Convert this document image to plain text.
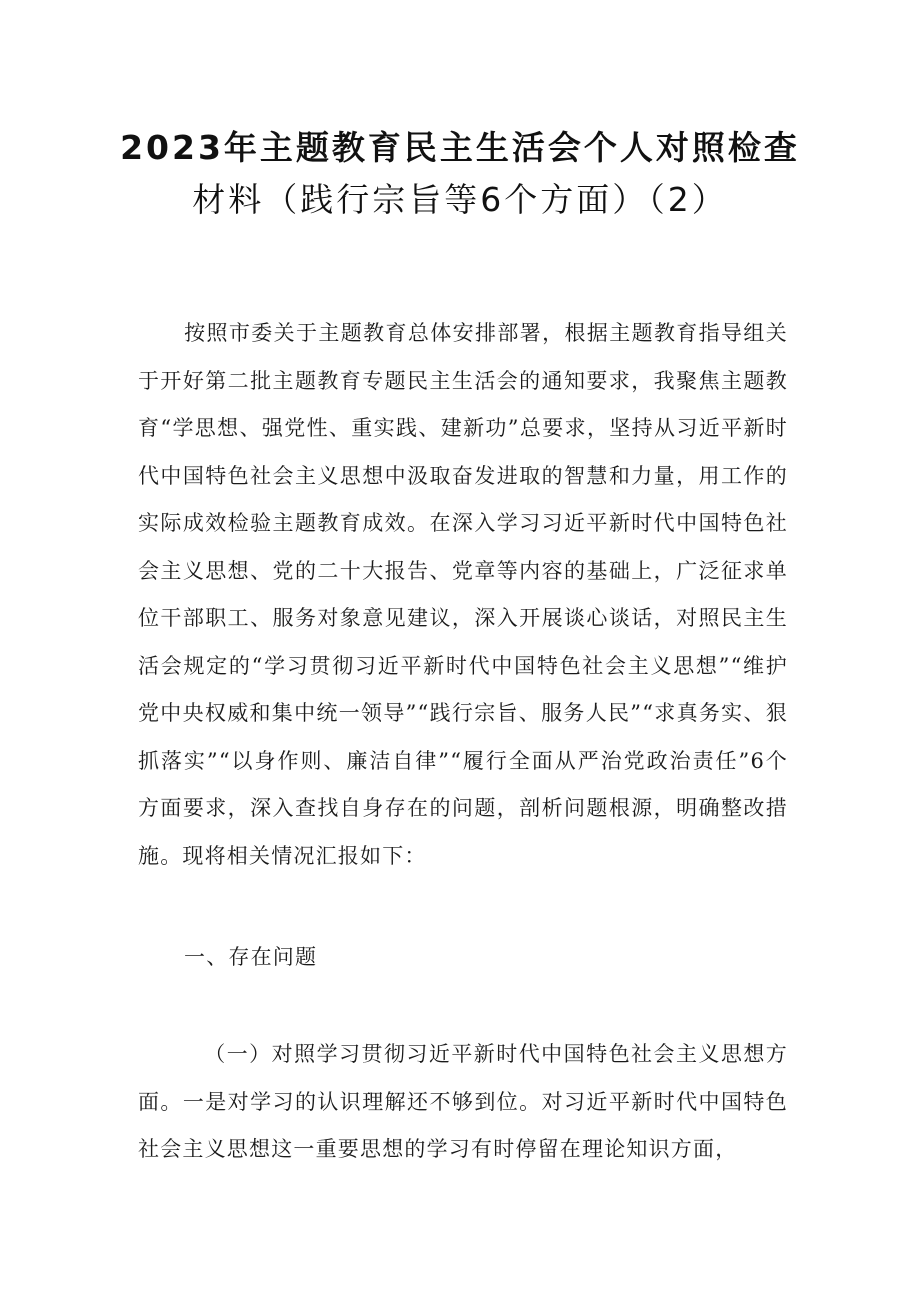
2023年主题教育民主生活会个人对照检查
材料（践行宗旨等6个方面）（2）
按照市委关于主题教育总体安排部署，根据主题教育指导组关于开好第二批主题教育专题民主生活会的通知要求，我聚焦主题教育“学思想、强党性、重实践、建新功”总要求，坚持从习近平新时代中国特色社会主义思想中汲取奋发进取的智慧和力量，用工作的实际成效检验主题教育成效。在深入学习习近平新时代中国特色社会主义思想、党的二十大报告、党章等内容的基础上，广泛征求单位干部职工、服务对象意见建议，深入开展谈心谈话，对照民主生活会规定的“学习贯彻习近平新时代中国特色社会主义思想”“维护党中央权威和集中统一领导”“践行宗旨、服务人民”“求真务实、狠抓落实”“以身作则、廉洁自律”“履行全面从严治党政治责任”6个方面要求，深入查找自身存在的问题，剖析问题根源，明确整改措施。现将相关情况汇报如下：
一、存在问题
（一）对照学习贯彻习近平新时代中国特色社会主义思想方面。一是对学习的认识理解还不够到位。对习近平新时代中国特色社会主义思想这一重要思想的学习有时停留在理论知识方面，
